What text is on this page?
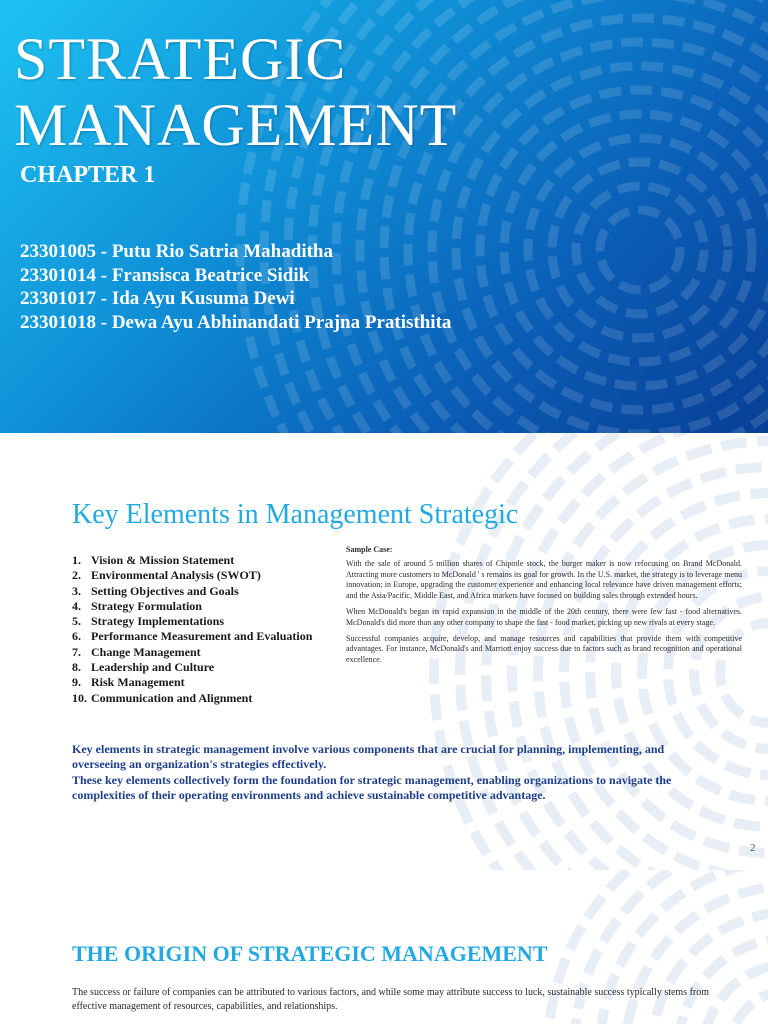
STRATEGIC
MANAGEMENT
CHAPTER 1
23301005 - Putu Rio Satria Mahaditha
23301014 - Fransisca Beatrice Sidik
23301017 - Ida Ayu Kusuma Dewi
23301018 - Dewa Ayu Abhinandati Prajna Pratisthita
Key Elements in Management Strategic
1. Vision & Mission Statement
2. Environmental Analysis (SWOT)
3. Setting Objectives and Goals
4. Strategy Formulation
5. Strategy Implementations
6. Performance Measurement and Evaluation
7. Change Management
8. Leadership and Culture
9. Risk Management
10. Communication and Alignment

Sample Case:

With the sale of around 5 million shares of Chipotle stock, the burger maker is now refocusing on Brand McDonald. Attracting more customers to McDonald ' s remains its goal for growth. In the U.S. market, the strategy is to leverage menu innovation; in Europe, upgrading the customer experience and enhancing local relevance have driven management efforts; and the Asia/Pacific, Middle East, and Africa markets have focused on building sales through extended hours.

When McDonald's began its rapid expansion in the middle of the 20th century, there were few fast - food alternatives. McDonald's did more than any other company to shape the fast - food market, picking up new rivals at every stage.

Successful companies acquire, develop, and manage resources and capabilities that provide them with competitive advantages. For instance, McDonald's and Marriott enjoy success due to factors such as brand recognition and operational excellence.

Key elements in strategic management involve various components that are crucial for planning, implementing, and overseeing an organization's strategies effectively.

These key elements collectively form the foundation for strategic management, enabling organizations to navigate the complexities of their operating environments and achieve sustainable competitive advantage.

2
THE ORIGIN OF STRATEGIC MANAGEMENT

The success or failure of companies can be attributed to various factors, and while some may attribute success to luck, sustainable success typically stems from effective management of resources, capabilities, and relationships.
